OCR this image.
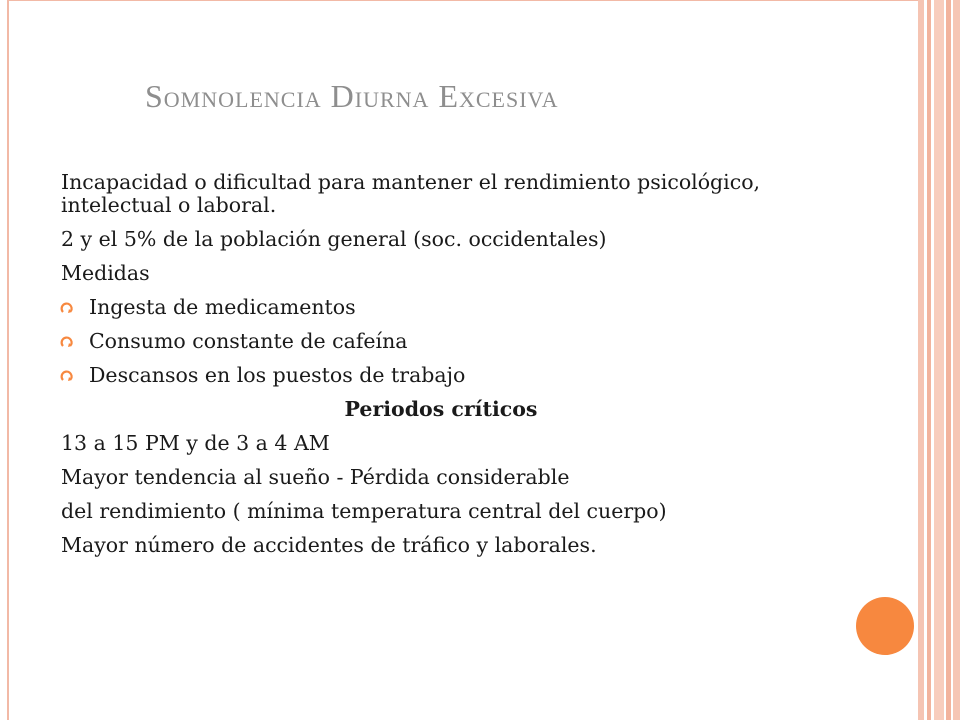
Somnolencia Diurna Excesiva

Incapacidad o dificultad para mantener el rendimiento psicológico, intelectual o laboral.

2 y el 5% de la población general (soc. occidentales)

Medidas

Ingesta de medicamentos
Consumo constante de cafeína
Descansos en los puestos de trabajo

Periodos críticos

13 a 15 PM y de 3 a 4 AM

Mayor tendencia al sueño - Pérdida considerable

del rendimiento ( mínima temperatura central del cuerpo)

Mayor número de accidentes de tráfico y laborales.
